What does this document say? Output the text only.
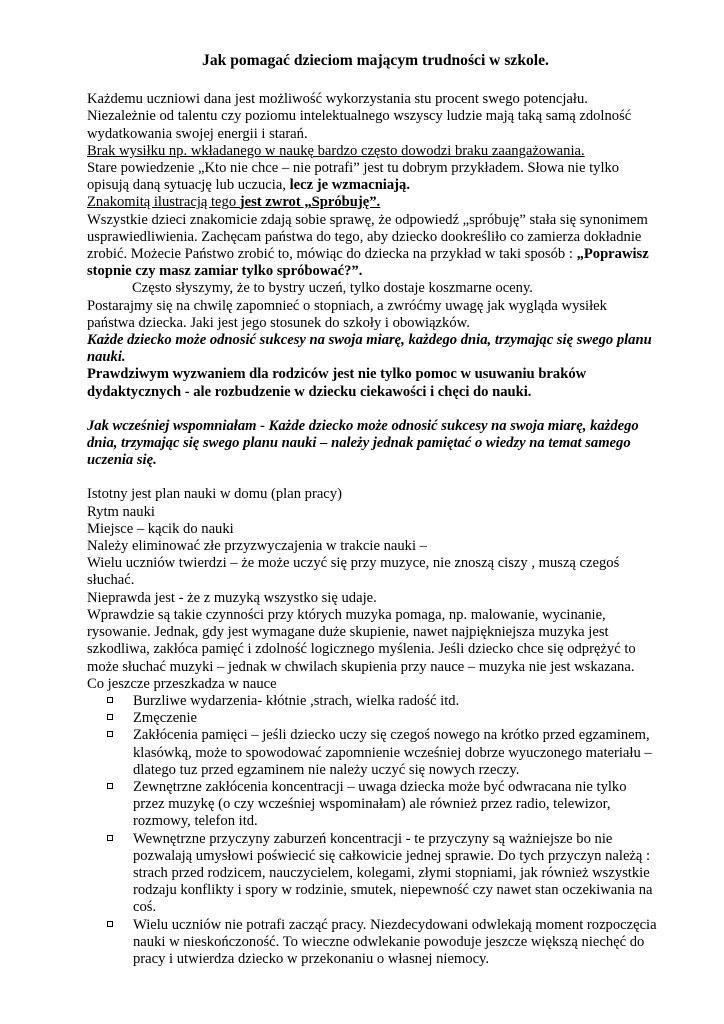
Jak pomagać dzieciom mającym trudności w szkole.

Każdemu uczniowi dana jest możliwość wykorzystania stu procent swego potencjału.

Niezależnie od talentu czy poziomu intelektualnego wszyscy ludzie mają taką samą zdolność wydatkowania swojej energii i starań.

Brak wysiłku np. wkładanego w naukę bardzo często dowodzi braku zaangażowania.

Stare powiedzenie „Kto nie chce – nie potrafi” jest tu dobrym przykładem. Słowa nie tylko opisują daną sytuację lub uczucia, lecz je wzmacniają.

Znakomitą ilustracją tego jest zwrot „Spróbuję”.

Wszystkie dzieci znakomicie zdają sobie sprawę, że odpowiedź „spróbuję” stała się synonimem usprawiedliwienia. Zachęcam państwa do tego, aby dziecko dookreśliło co zamierza dokładnie zrobić. Możecie Państwo zrobić to, mówiąc do dziecka na przykład w taki sposób : „Poprawisz stopnie czy masz zamiar tylko spróbować?”.

Często słyszymy, że to bystry uczeń, tylko dostaje koszmarne oceny.

Postarajmy się na chwilę zapomnieć o stopniach, a zwróćmy uwagę jak wygląda wysiłek państwa dziecka. Jaki jest jego stosunek do szkoły i obowiązków.

Każde dziecko może odnosić sukcesy na swoja miarę, każdego dnia, trzymając się swego planu nauki.

Prawdziwym wyzwaniem dla rodziców jest nie tylko pomoc w usuwaniu braków dydaktycznych - ale rozbudzenie w dziecku ciekawości i chęci do nauki.

Jak wcześniej wspomniałam - Każde dziecko może odnosić sukcesy na swoja miarę, każdego dnia, trzymając się swego planu nauki – należy jednak pamiętać o wiedzy na temat samego uczenia się.

Istotny jest plan nauki w domu (plan pracy)

Rytm nauki

Miejsce – kącik do nauki

Należy eliminować złe przyzwyczajenia w trakcie nauki –

Wielu uczniów twierdzi – że może uczyć się przy muzyce, nie znoszą ciszy , muszą czegoś słuchać.

Nieprawda jest - że z muzyką wszystko się udaje.

Wprawdzie są takie czynności przy których muzyka pomaga, np. malowanie, wycinanie, rysowanie. Jednak, gdy jest wymagane duże skupienie, nawet najpiękniejsza muzyka jest szkodliwa, zakłóca pamięć i zdolność logicznego myślenia. Jeśli dziecko chce się odprężyć to może słuchać muzyki – jednak w chwilach skupienia przy nauce – muzyka nie jest wskazana.

Co jeszcze przeszkadza w nauce

Burzliwe wydarzenia- kłótnie ,strach, wielka radość itd.
Zmęczenie
Zakłócenia pamięci – jeśli dziecko uczy się czegoś nowego na krótko przed egzaminem, klasówką, może to spowodować zapomnienie wcześniej dobrze wyuczonego materiału – dlatego tuz przed egzaminem nie należy uczyć się nowych rzeczy.
Zewnętrzne zakłócenia koncentracji – uwaga dziecka może być odwracana nie tylko przez muzykę (o czy wcześniej wspominałam) ale również przez radio, telewizor, rozmowy, telefon itd.
Wewnętrzne przyczyny zaburzeń koncentracji - te przyczyny są ważniejsze bo nie pozwalają umysłowi poświecić się całkowicie jednej sprawie. Do tych przyczyn należą : strach przed rodzicem, nauczycielem, kolegami, złymi stopniami, jak również wszystkie rodzaju konflikty i spory w rodzinie, smutek, niepewność czy nawet stan oczekiwania na coś.
Wielu uczniów nie potrafi zacząć pracy. Niezdecydowani odwlekają moment rozpoczęcia nauki w nieskończoność. To wieczne odwlekanie powoduje jeszcze większą niechęć do pracy i utwierdza dziecko w przekonaniu o własnej niemocy.
